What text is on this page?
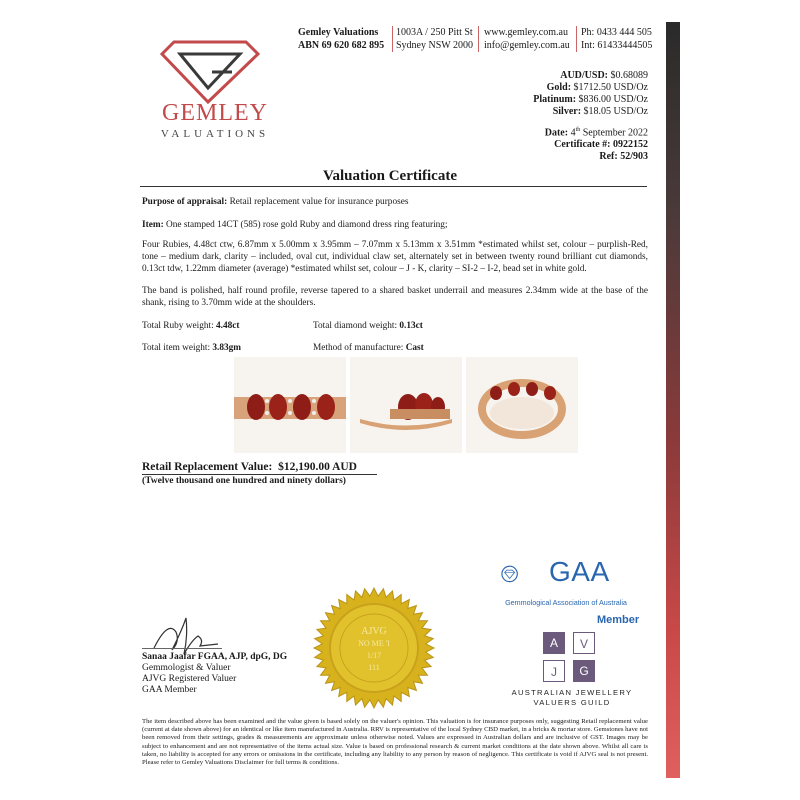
GEMLEY
VALUATIONS
Gemley Valuations
ABN 69 620 682 895
1003A / 250 Pitt St
Sydney NSW 2000
www.gemley.com.au
info@gemley.com.au
Ph: 0433 444 505
Int: 61433444505
AUD/USD: $0.68089
Gold: $1712.50 USD/Oz
Platinum: $836.00 USD/Oz
Silver: $18.05 USD/Oz
Date: 4th September 2022
Certificate #: 0922152
Ref: 52/903
Valuation Certificate
Purpose of appraisal: Retail replacement value for insurance purposes
Item: One stamped 14CT (585) rose gold Ruby and diamond dress ring featuring;
Four Rubies, 4.48ct ctw, 6.87mm x 5.00mm x 3.95mm – 7.07mm x 5.13mm x 3.51mm *estimated whilst set, colour – purplish-Red, tone – medium dark, clarity – included, oval cut, individual claw set, alternately set in between twenty round brilliant cut diamonds, 0.13ct tdw, 1.22mm diameter (average) *estimated whilst set, colour – J - K, clarity – SI-2 – I-2, bead set in white gold.
The band is polished, half round profile, reverse tapered to a shared basket underrail and measures 2.34mm wide at the base of the shank, rising to 3.70mm wide at the shoulders.
Total Ruby weight: 4.48ct	Total diamond weight: 0.13ct
Total item weight: 3.83gm	Method of manufacture: Cast
Retail Replacement Value: $12,190.00 AUD
(Twelve thousand one hundred and ninety dollars)
GAA
Gemmological Association of Australia
Member
A	V
J	G
AUSTRALIAN JEWELLERY
VALUERS GUILD
AJVG
NO ME 'I
1/17
111
Sanaa Jaafar FGAA, AJP, dpG, DG
Gemmologist & Valuer
AJVG Registered Valuer
GAA Member
The item described above has been examined and the value given is based solely on the valuer's opinion. This valuation is for insurance purposes only, suggesting Retail replacement value (current at date shown above) for an identical or like item manufactured in Australia. RRV is representative of the local Sydney CBD market, in a bricks & mortar store. Gemstones have not been removed from their settings, grades & measurements are approximate unless otherwise noted. Values are expressed in Australian dollars and are inclusive of GST. Images may be subject to enhancement and are not representative of the items actual size. Value is based on professional research & current market conditions at the date shown above. Whilst all care is taken, no liability is accepted for any errors or omissions in the certificate, including any liability to any person by reason of negligence. This certificate is void if AJVG seal is not present. Please refer to Gemley Valuations Disclaimer for full terms & conditions.
